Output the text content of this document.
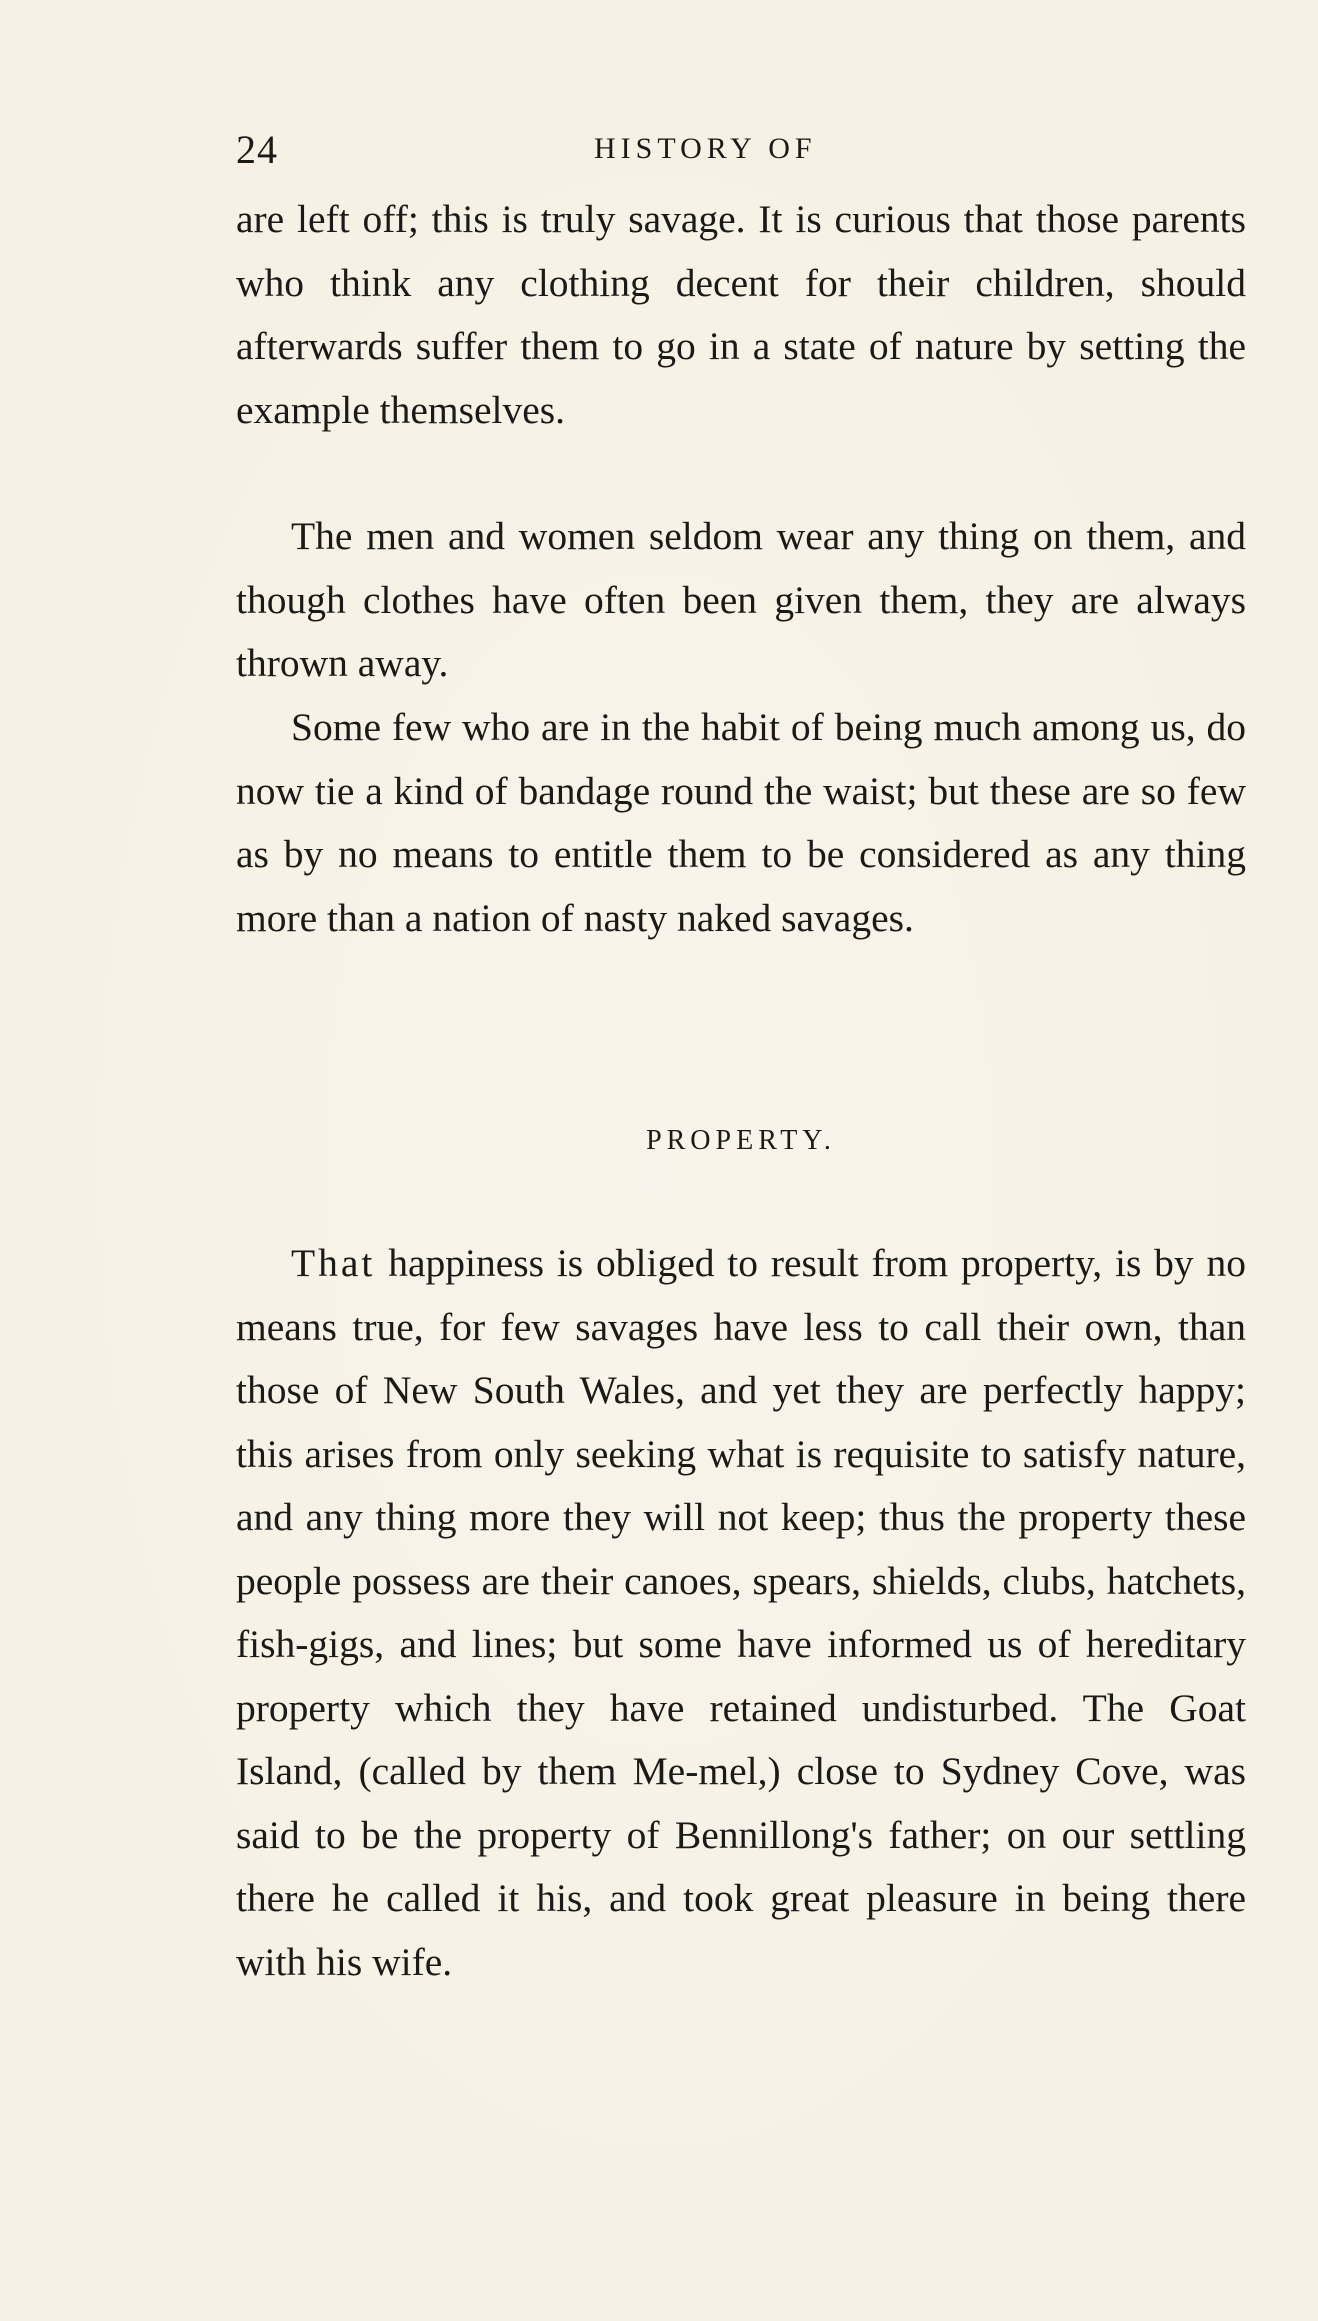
24	HISTORY OF
are left off; this is truly savage. It is curious that those parents who think any clothing decent for their children, should afterwards suffer them to go in a state of nature by setting the example themselves.
The men and women seldom wear any thing on them, and though clothes have often been given them, they are always thrown away.
Some few who are in the habit of being much among us, do now tie a kind of bandage round the waist; but these are so few as by no means to entitle them to be considered as any thing more than a nation of nasty naked savages.
PROPERTY.
That happiness is obliged to result from property, is by no means true, for few savages have less to call their own, than those of New South Wales, and yet they are perfectly happy; this arises from only seeking what is requisite to satisfy nature, and any thing more they will not keep; thus the property these people possess are their canoes, spears, shields, clubs, hatchets, fish-gigs, and lines; but some have informed us of hereditary property which they have retained undisturbed. The Goat Island, (called by them Me-mel,) close to Sydney Cove, was said to be the property of Bennillong's father; on our settling there he called it his, and took great pleasure in being there with his wife.
